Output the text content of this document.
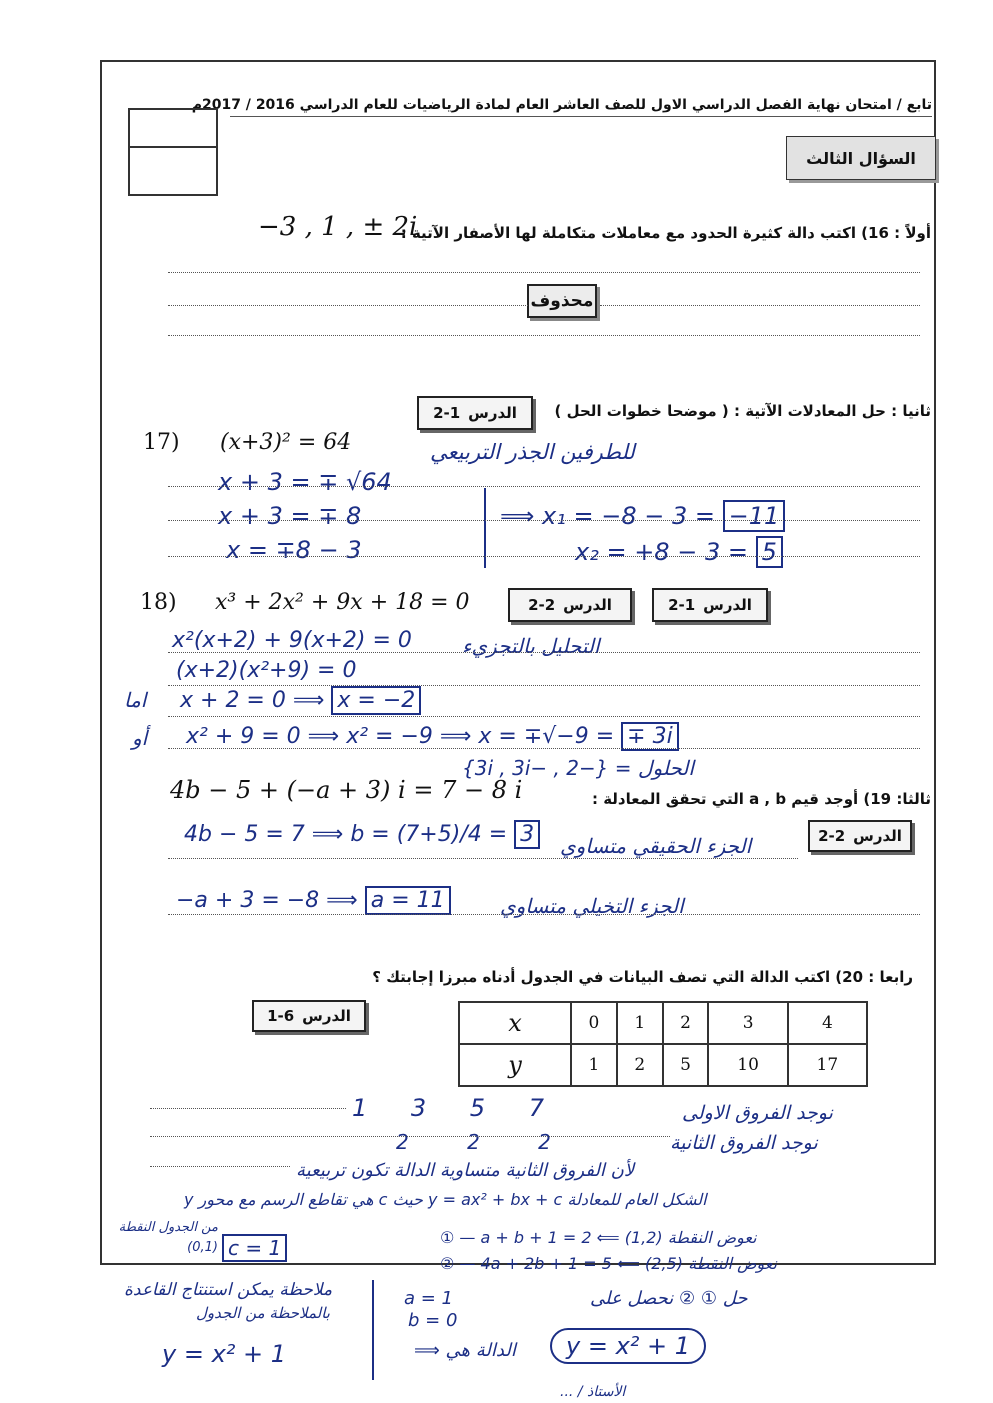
تابع / امتحان نهاية الفصل الدراسي الاول للصف العاشر العام لمادة الرياضيات للعام الدراسي 2016 / 2017م
السؤال الثالث
−3 , 1 , ± 2i
أولاً : 16) اكتب دالة كثيرة الحدود مع معاملات متكاملة لها الأصفار الآتية :
محذوف
ثانيا : حل المعادلات الآتية : ( موضحا خطوات الحل )
الدرس
2-1
17) (x+3)² = 64	للطرفين الجذر التربيعي
x + 3 = ∓ √64
x + 3 = ∓ 8
x = ∓8 − 3
⟹ x₁ = −8 − 3 = −11
x₂ = +8 − 3 = 5
18) x³ + 2x² + 9x + 18 = 0	الدرس
2-2	الدرس
2-1
x²(x+2) + 9(x+2) = 0	التحليل بالتجزيء
(x+2)(x²+9) = 0
اما x + 2 = 0 ⟹ x = −2
أو x² + 9 = 0 ⟹ x² = −9 ⟹ x = ∓√−9 = ∓ 3i
الحلول = {−2 , −3i , 3i}
4b − 5 + (−a + 3) i = 7 − 8 i	ثالثا: 19) أوجد قيم a , b التي تحقق المعادلة :
الدرس
2-2
4b − 5 = 7 ⟹ b = (7+5)/4 = 3	الجزء الحقيقي متساوي
−a + 3 = −8 ⟹ a = 11	الجزء التخيلي متساوي
رابعا : 20) اكتب الدالة التي تصف البيانات في الجدول أدناه مبرزا إجابتك ؟
الدرس
1-6	x	0	1	2	3	4
y	1	2	5	10	17
1 3 5 7
2 2 2
نوجد الفروق الاولى
نوجد الفروق الثانية
لأن الفروق الثانية متساوية الدالة تكون تربيعية
الشكل العام للمعادلة y = ax² + bx + c حيث c هي تقاطع الرسم مع محور y
c = 1
من الجدول النقطة (0,1)
نعوض النقطة (1,2) ⟸ 2 = a + b + 1 — ①
نعوض النقطة (2,5) ⟸ 5 = 4a + 2b + 1 — ②
ملاحظة يمكن استنتاج القاعدة
بالملاحظة من الجدول
y = x² + 1
a = 1
b = 0
حل ① ② نحصل على
⟹ الدالة هي	y = x² + 1
الأستاذ / ...
